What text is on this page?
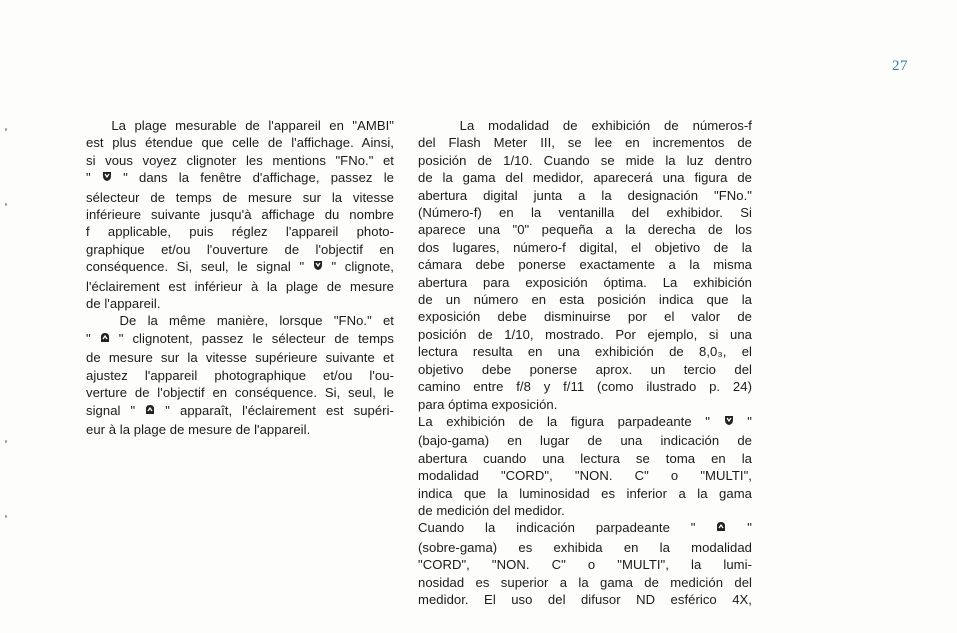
27
La plage mesurable de l'appareil en "AMBI"
est plus étendue que celle de l'affichage. Ainsi,
si vous voyez clignoter les mentions "FNo." et
"  " dans la fenêtre d'affichage, passez le
sélecteur de temps de mesure sur la vitesse
inférieure suivante jusqu'à affichage du nombre
f applicable, puis réglez l'appareil photo-
graphique et/ou l'ouverture de l'objectif en
conséquence. Si, seul, le signal "  " clignote,
l'éclairement est inférieur à la plage de mesure
de l'appareil.
De la même manière, lorsque "FNo." et
"  " clignotent, passez le sélecteur de temps
de mesure sur la vitesse supérieure suivante et
ajustez l'appareil photographique et/ou l'ou-
verture de l'objectif en conséquence. Si, seul, le
signal "  " apparaît, l'éclairement est supéri-
eur à la plage de mesure de l'appareil.
La modalidad de exhibición de números-f
del Flash Meter III, se lee en incrementos de
posición de 1/10. Cuando se mide la luz dentro
de la gama del medidor, aparecerá una figura de
abertura digital junta a la designación "FNo."
(Número-f) en la ventanilla del exhibidor. Si
aparece una "0" pequeña a la derecha de los
dos lugares, número-f digital, el objetivo de la
cámara debe ponerse exactamente a la misma
abertura para exposición óptima. La exhibición
de un número en esta posición indica que la
exposición debe disminuirse por el valor de
posición de 1/10, mostrado. Por ejemplo, si una
lectura resulta en una exhibición de 8,0₃, el
objetivo debe ponerse aprox. un tercio del
camino entre f/8 y f/11 (como ilustrado p. 24)
para óptima exposición.
La exhibición de la figura parpadeante "  "
(bajo-gama) en lugar de una indicación de
abertura cuando una lectura se toma en la
modalidad "CORD", "NON. C" o "MULTI",
indica que la luminosidad es inferior a la gama
de medición del medidor.
Cuando la indicación parpadeante "  "
(sobre-gama) es exhibida en la modalidad
"CORD", "NON. C" o "MULTI", la lumi-
nosidad es superior a la gama de medición del
medidor. El uso del difusor ND esférico 4X,
